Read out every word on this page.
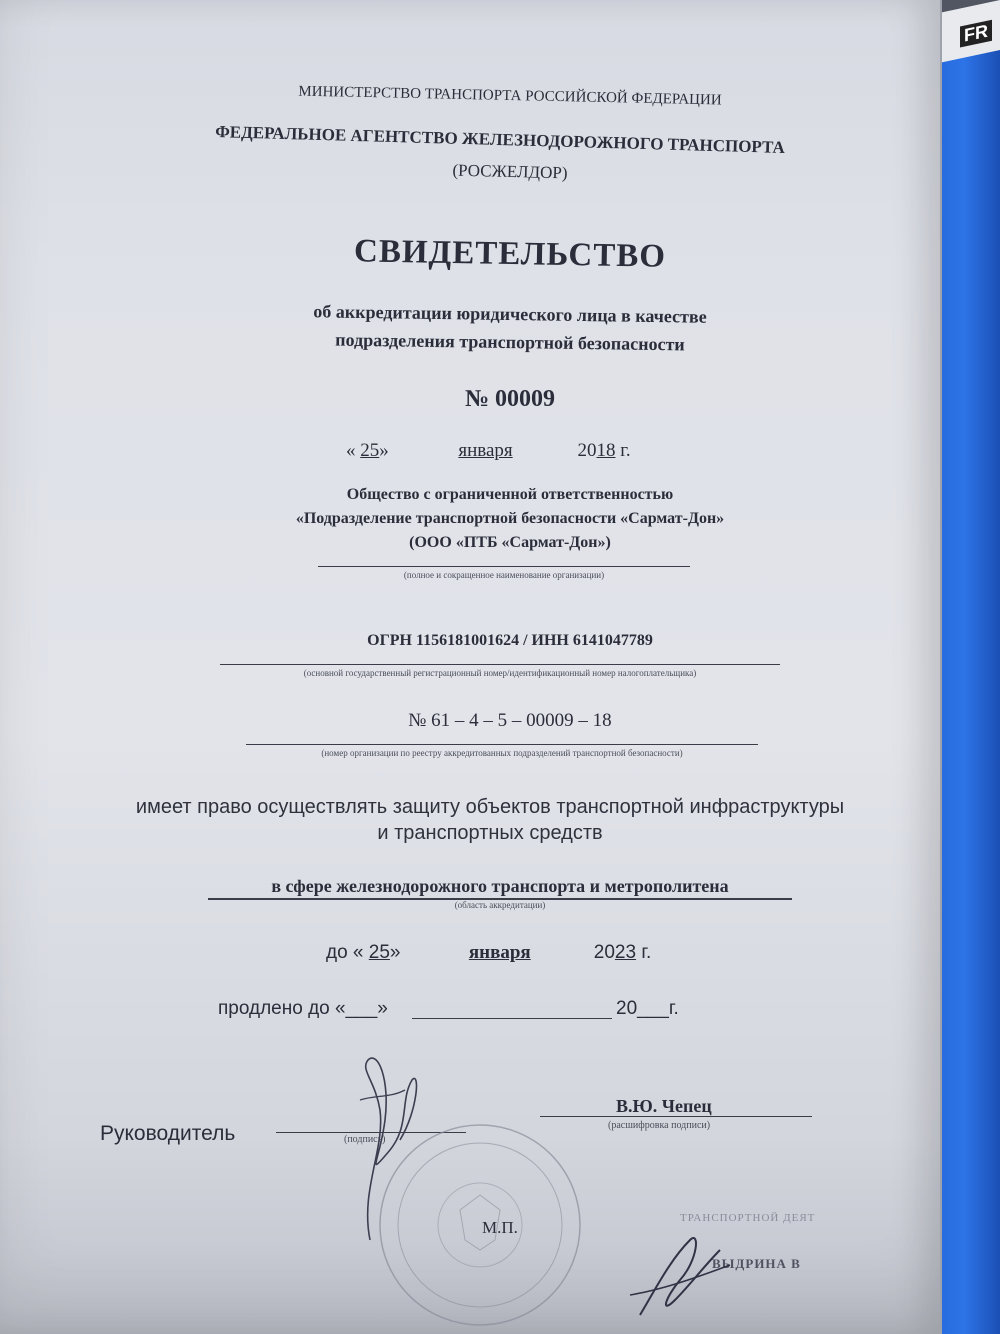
FR
МИНИСТЕРСТВО ТРАНСПОРТА РОССИЙСКОЙ ФЕДЕРАЦИИ
ФЕДЕРАЛЬНОЕ АГЕНТСТВО ЖЕЛЕЗНОДОРОЖНОГО ТРАНСПОРТА
(РОСЖЕЛДОР)
СВИДЕТЕЛЬСТВО
об аккредитации юридического лица в качестве
подразделения транспортной безопасности
№ 00009
« 25»	января	2018 г.
Общество с ограниченной ответственностью
«Подразделение транспортной безопасности «Сармат-Дон»
(ООО «ПТБ «Сармат-Дон»)
(полное и сокращенное наименование организации)
ОГРН 1156181001624 / ИНН 6141047789
(основной государственный регистрационный номер/идентификационный номер налогоплательщика)
№ 61 – 4 – 5 – 00009 – 18
(номер организации по реестру аккредитованных подразделений транспортной безопасности)
имеет право осуществлять защиту объектов транспортной инфраструктуры
и транспортных средств
в сфере железнодорожного транспорта и метрополитена
(область аккредитации)
до « 25»	января	2023 г.
продлено до «___»	20___г.
Руководитель	(подпись)
В.Ю. Чепец
(расшифровка подписи)
М.П.	ТРАНСПОРТНОЙ ДЕЯТ
ВЫДРИНА В
